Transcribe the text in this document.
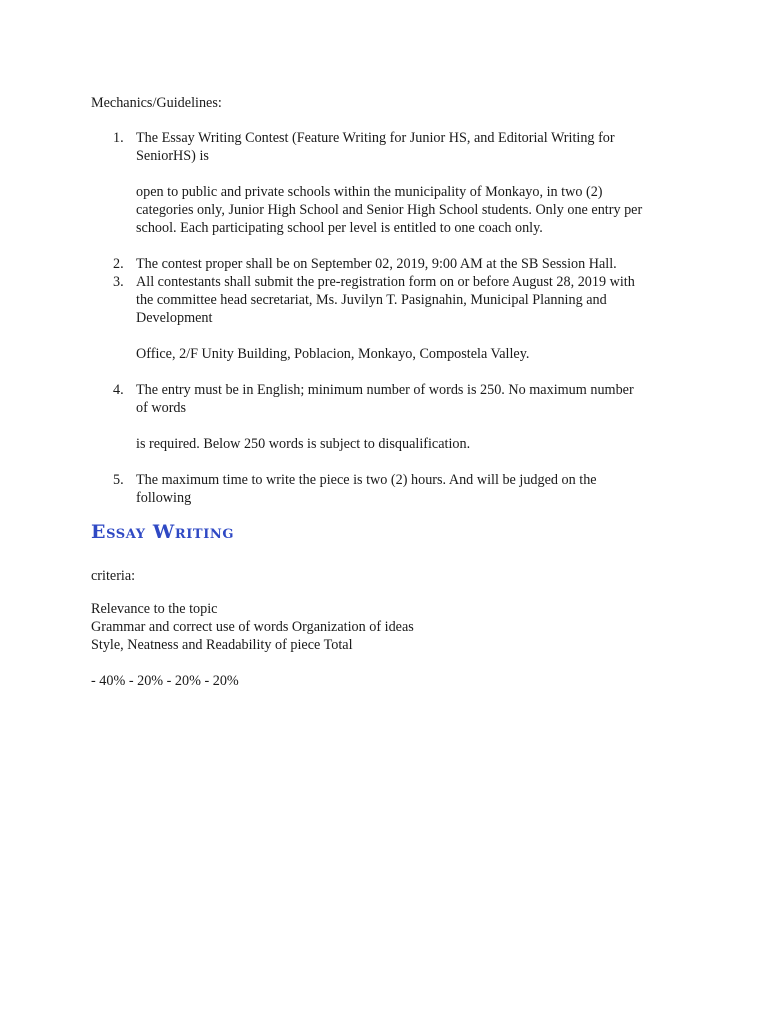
Mechanics/Guidelines:
1. The Essay Writing Contest (Feature Writing for Junior HS, and Editorial Writing for
SeniorHS) is
open to public and private schools within the municipality of Monkayo, in two (2)
categories only, Junior High School and Senior High School students. Only one entry per
school. Each participating school per level is entitled to one coach only.
2. The contest proper shall be on September 02, 2019, 9:00 AM at the SB Session Hall.
3. All contestants shall submit the pre-registration form on or before August 28, 2019 with
the committee head secretariat, Ms. Juvilyn T. Pasignahin, Municipal Planning and
Development
Office, 2/F Unity Building, Poblacion, Monkayo, Compostela Valley.
4. The entry must be in English; minimum number of words is 250. No maximum number
of words
is required. Below 250 words is subject to disqualification.
5. The maximum time to write the piece is two (2) hours. And will be judged on the
following
Essay Writing
criteria:
Relevance to the topic
Grammar and correct use of words Organization of ideas
Style, Neatness and Readability of piece Total
- 40% - 20% - 20% - 20%
